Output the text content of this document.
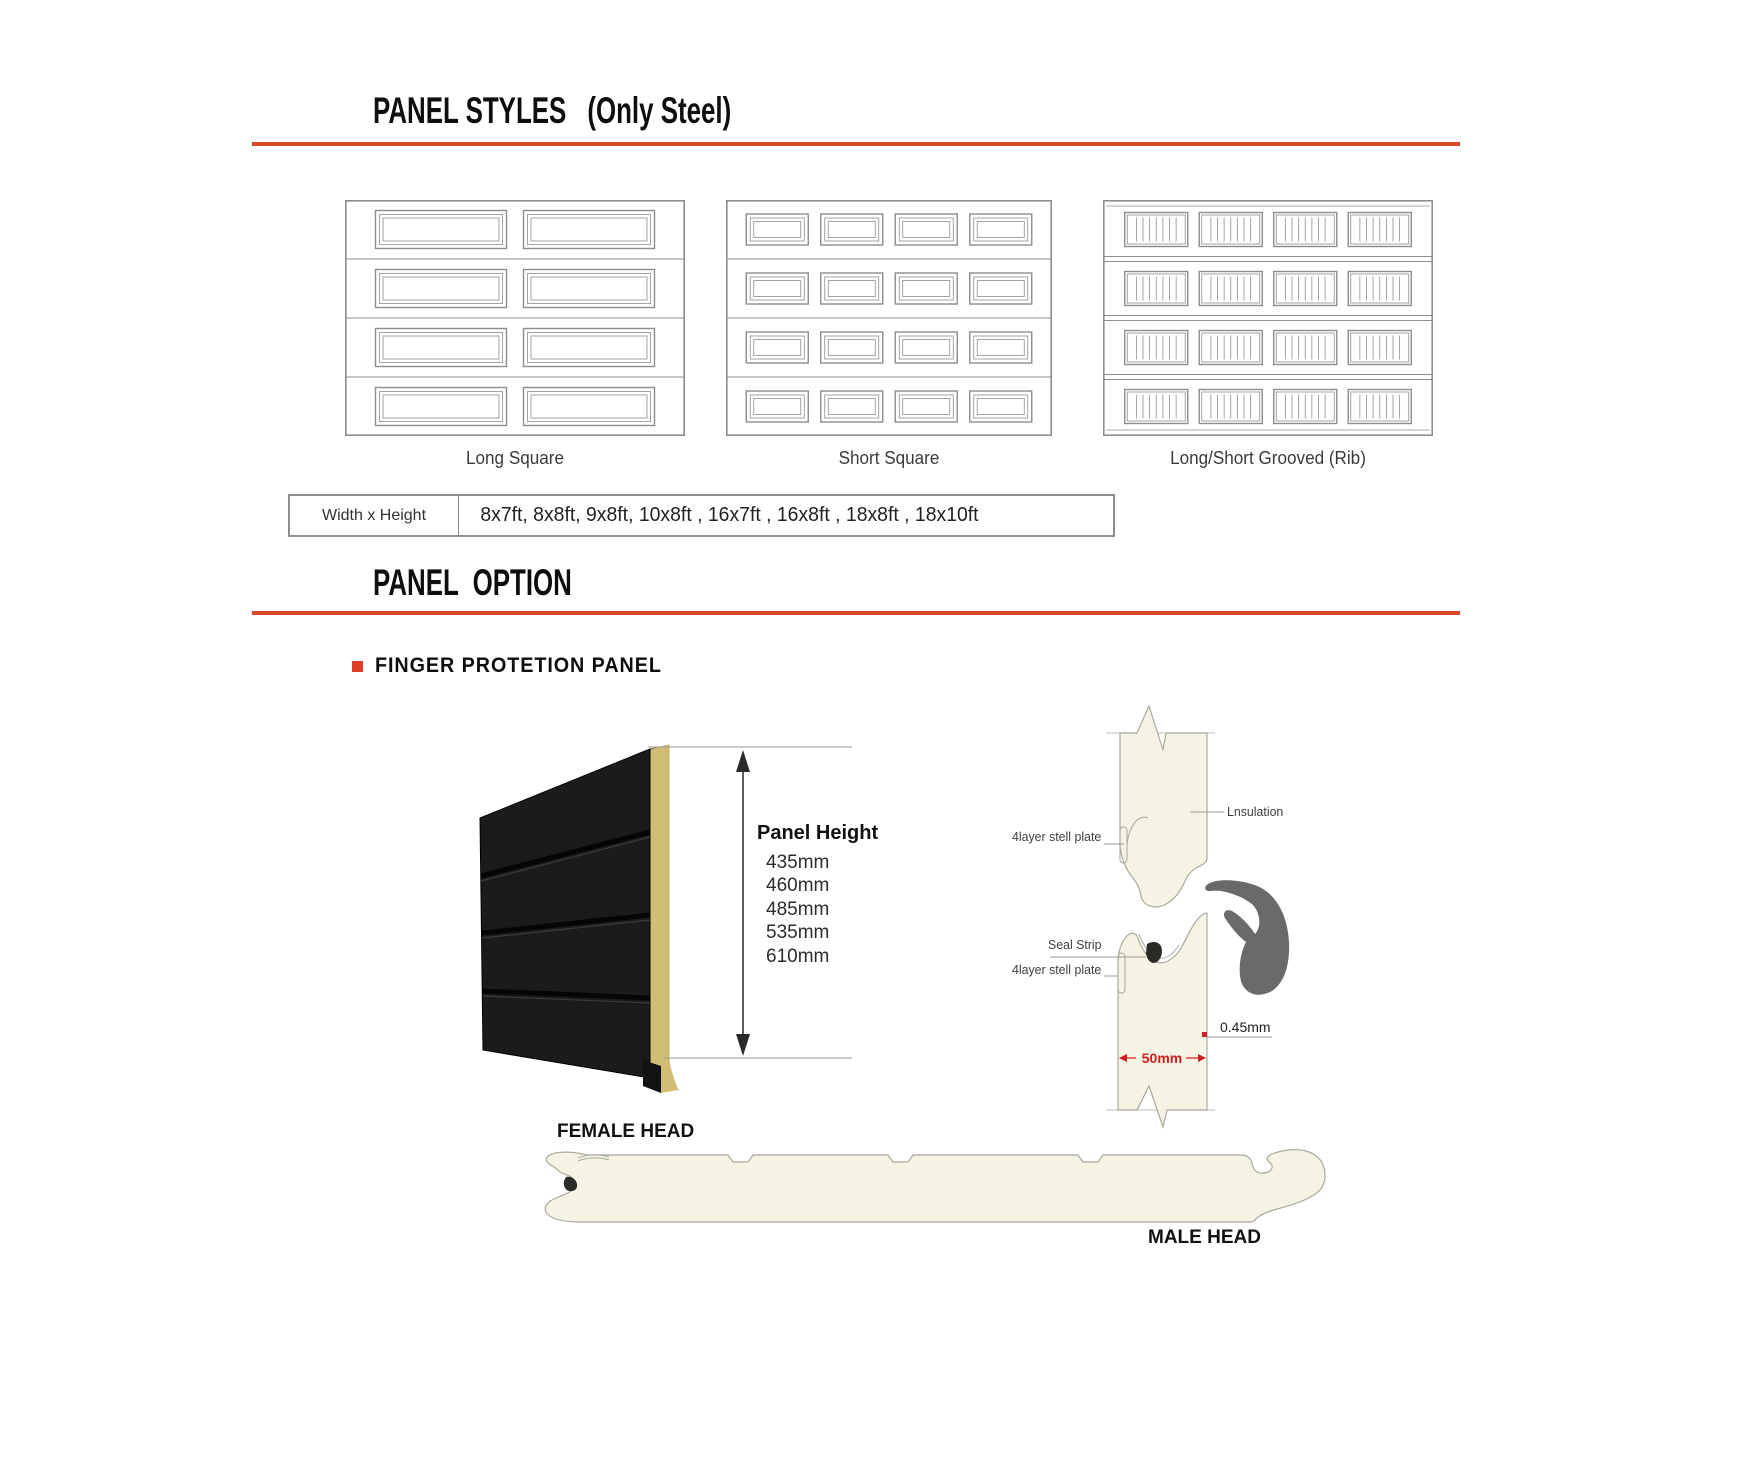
PANEL STYLES (Only Steel)
Long Square	Short Square	Long/Short Grooved (Rib)
Width x Height	8x7ft, 8x8ft, 9x8ft, 10x8ft , 16x7ft , 16x8ft , 18x8ft , 18x10ft
PANEL OPTION
FINGER PROTETION PANEL
Panel Height
435mm
460mm
485mm
535mm
610mm
Lnsulation
4layer stell plate
Seal Strip
4layer stell plate
0.45mm
50mm
FEMALE HEAD
MALE HEAD
